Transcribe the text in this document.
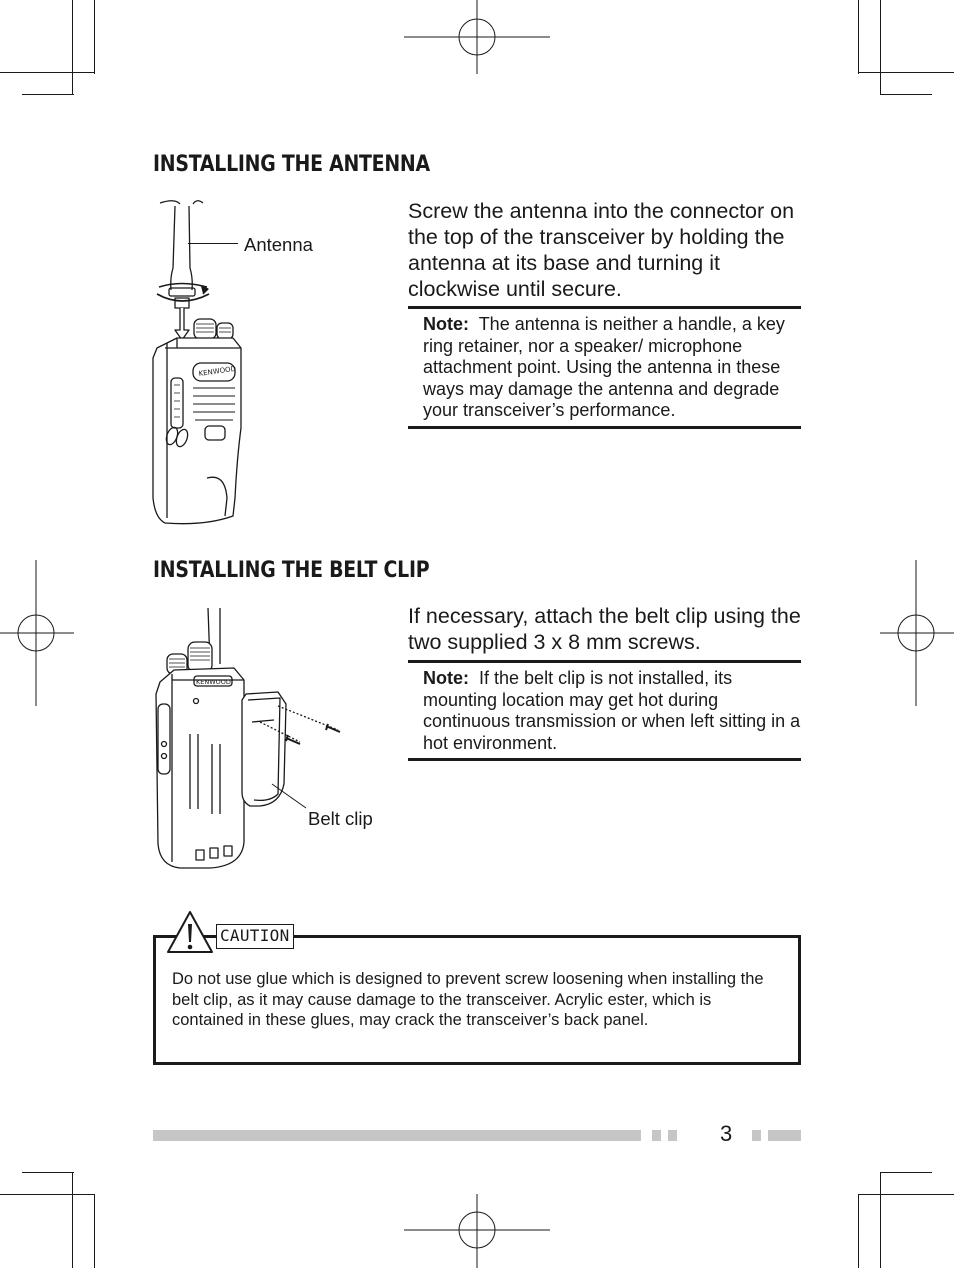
INSTALLING THE ANTENNA
KENWOOD
Antenna

Screw the antenna into the connector on the top of the transceiver by holding the antenna at its base and turning it clockwise until secure.

Note: The antenna is neither a handle, a key ring retainer, nor a speaker/ microphone attachment point. Using the antenna in these ways may damage the antenna and degrade your transceiver’s performance.
INSTALLING THE BELT CLIP
KENWOOD
Belt clip

If necessary, attach the belt clip using the two supplied 3 x 8 mm screws.

Note: If the belt clip is not installed, its mounting location may get hot during continuous transmission or when left sitting in a hot environment.

Do not use glue which is designed to prevent screw loosening when installing the belt clip, as it may cause damage to the transceiver. Acrylic ester, which is contained in these glues, may crack the transceiver’s back panel.

CAUTION
3
